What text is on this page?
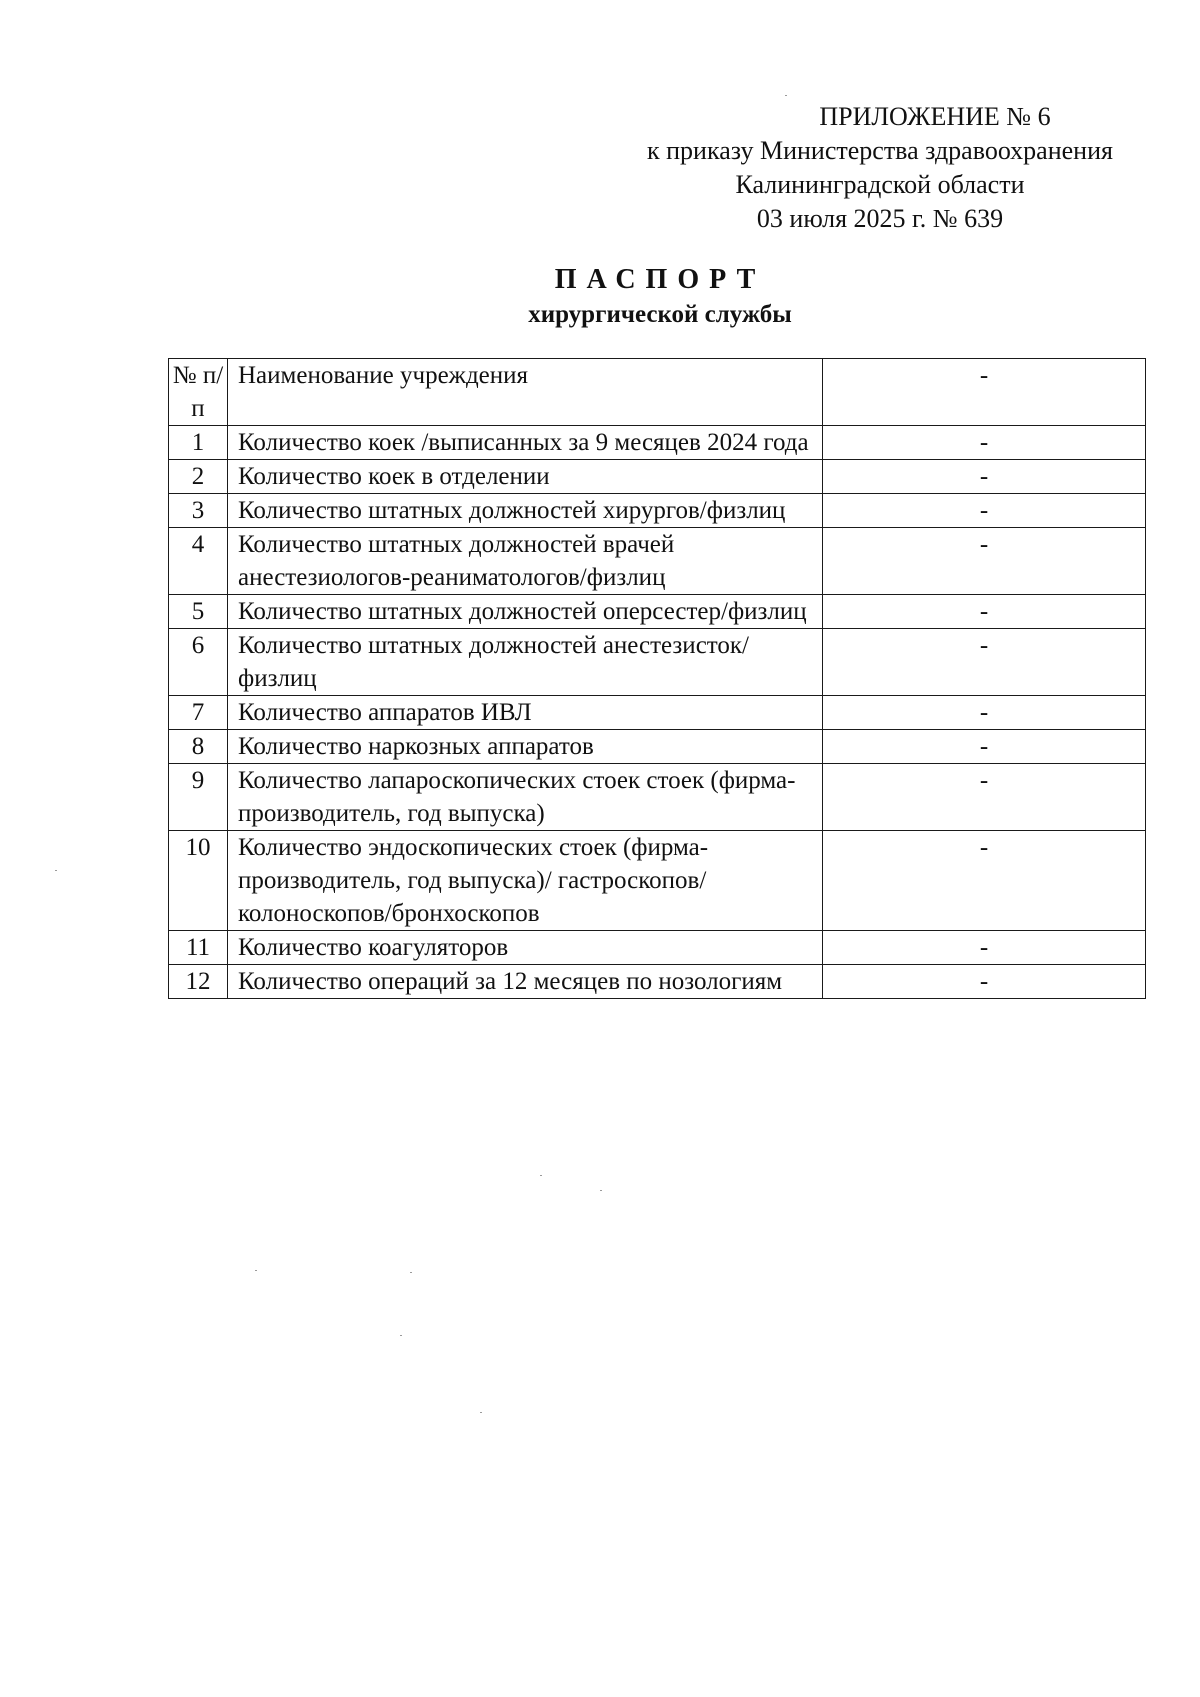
ПРИЛОЖЕНИЕ № 6
к приказу Министерства здравоохранения
Калининградской области
03 июля 2025 г. № 639
ПАСПОРТ
хирургической службы
№ п/п	Наименование учреждения	-
1	Количество коек /выписанных за 9 месяцев 2024 года	-
2	Количество коек в отделении	-
3	Количество штатных должностей хирургов/физлиц	-
4	Количество штатных должностей врачей анестезиологов-реаниматологов/физлиц	-
5	Количество штатных должностей оперсестер/физлиц	-
6	Количество штатных должностей анестезисток/физлиц	-
7	Количество аппаратов ИВЛ	-
8	Количество наркозных аппаратов	-
9	Количество лапароскопических стоек стоек (фирма-производитель, год выпуска)	-
10	Количество эндоскопических стоек (фирма-производитель, год выпуска)/ гастроскопов/колоноскопов/бронхоскопов	-
11	Количество коагуляторов	-
12	Количество операций за 12 месяцев по нозологиям	-
